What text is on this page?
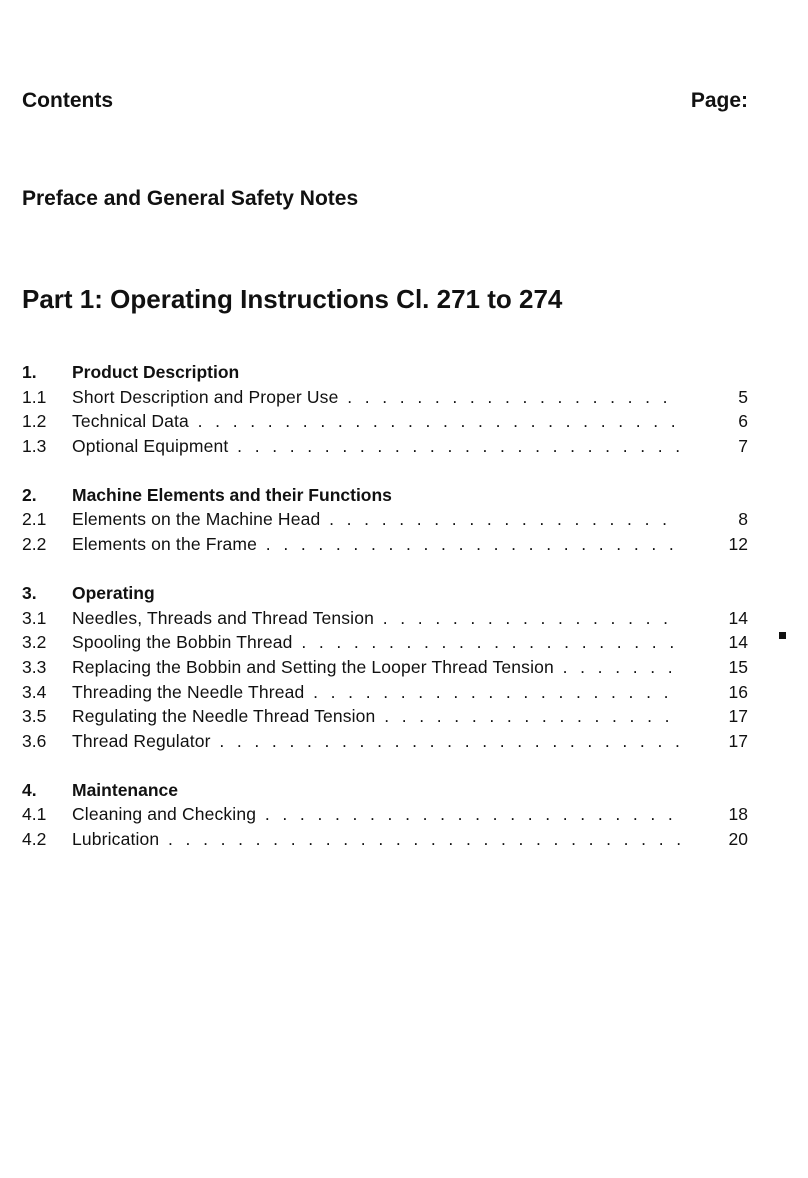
Contents	Page:
Preface and General Safety Notes
Part 1: Operating Instructions Cl. 271 to 274
1. Product Description
1.1 Short Description and Proper Use . . .	5
1.2 Technical Data . . .	6
1.3 Optional Equipment . . .	7
2. Machine Elements and their Functions
2.1 Elements on the Machine Head . . .	8
2.2 Elements on the Frame . . .	12
3. Operating
3.1 Needles, Threads and Thread Tension . . .	14
3.2 Spooling the Bobbin Thread . . .	14
3.3 Replacing the Bobbin and Setting the Looper Thread Tension . . .	15
3.4 Threading the Needle Thread . . .	16
3.5 Regulating the Needle Thread Tension . . .	17
3.6 Thread Regulator . . .	17
4. Maintenance
4.1 Cleaning and Checking . . .	18
4.2 Lubrication . . .	20
